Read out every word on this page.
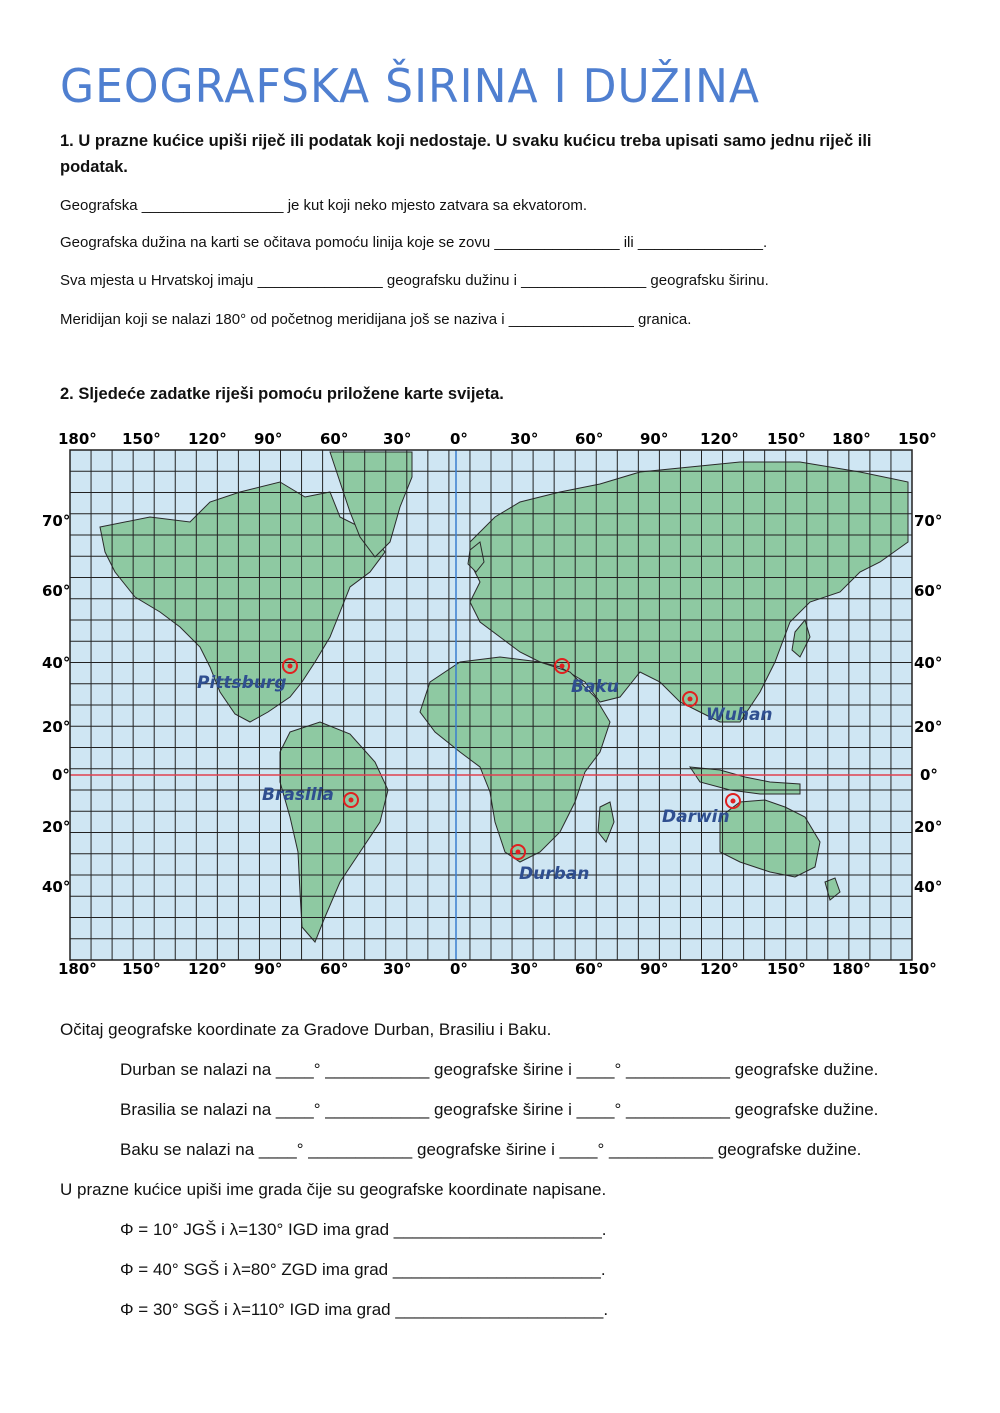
GEOGRAFSKA ŠIRINA I DUŽINA
1. U prazne kućice upiši riječ ili podatak koji nedostaje. U svaku kućicu treba upisati samo jednu riječ ili podatak.
Geografska _________________ je kut koji neko mjesto zatvara sa ekvatorom.
Geografska dužina na karti se očitava pomoću linija koje se zovu _______________ ili _______________.
Sva mjesta u Hrvatskoj imaju _______________ geografsku dužinu i _______________ geografsku širinu.
Meridijan koji se nalazi 180° od početnog meridijana još se naziva i _______________ granica.
2. Sljedeće zadatke riješi pomoću priložene karte svijeta.
180° 150° 120° 90°	60° 30°	0°	30° 60° 90° 120° 150° 180° 150°
180° 150° 120° 90°	60° 30°	0°	30° 60° 90° 120° 150° 180° 150°
70°
60°
40°
20°
0°
20°
40°
70°
60°
40°
20°
0°
20°
40°
Pittsburg	Baku
Wuhan
Brasilia
Darwin
Durban
Očitaj geografske koordinate za Gradove Durban, Brasiliu i Baku.
Durban se nalazi na ____° ___________ geografske širine i ____° ___________ geografske dužine.
Brasilia se nalazi na ____° ___________ geografske širine i ____° ___________ geografske dužine.
Baku se nalazi na ____° ___________ geografske širine i ____° ___________ geografske dužine.
U prazne kućice upiši ime grada čije su geografske koordinate napisane.
Φ = 10° JGŠ i λ=130° IGD ima grad ______________________.
Φ = 40° SGŠ i λ=80° ZGD ima grad ______________________.
Φ = 30° SGŠ i λ=110° IGD ima grad ______________________.
